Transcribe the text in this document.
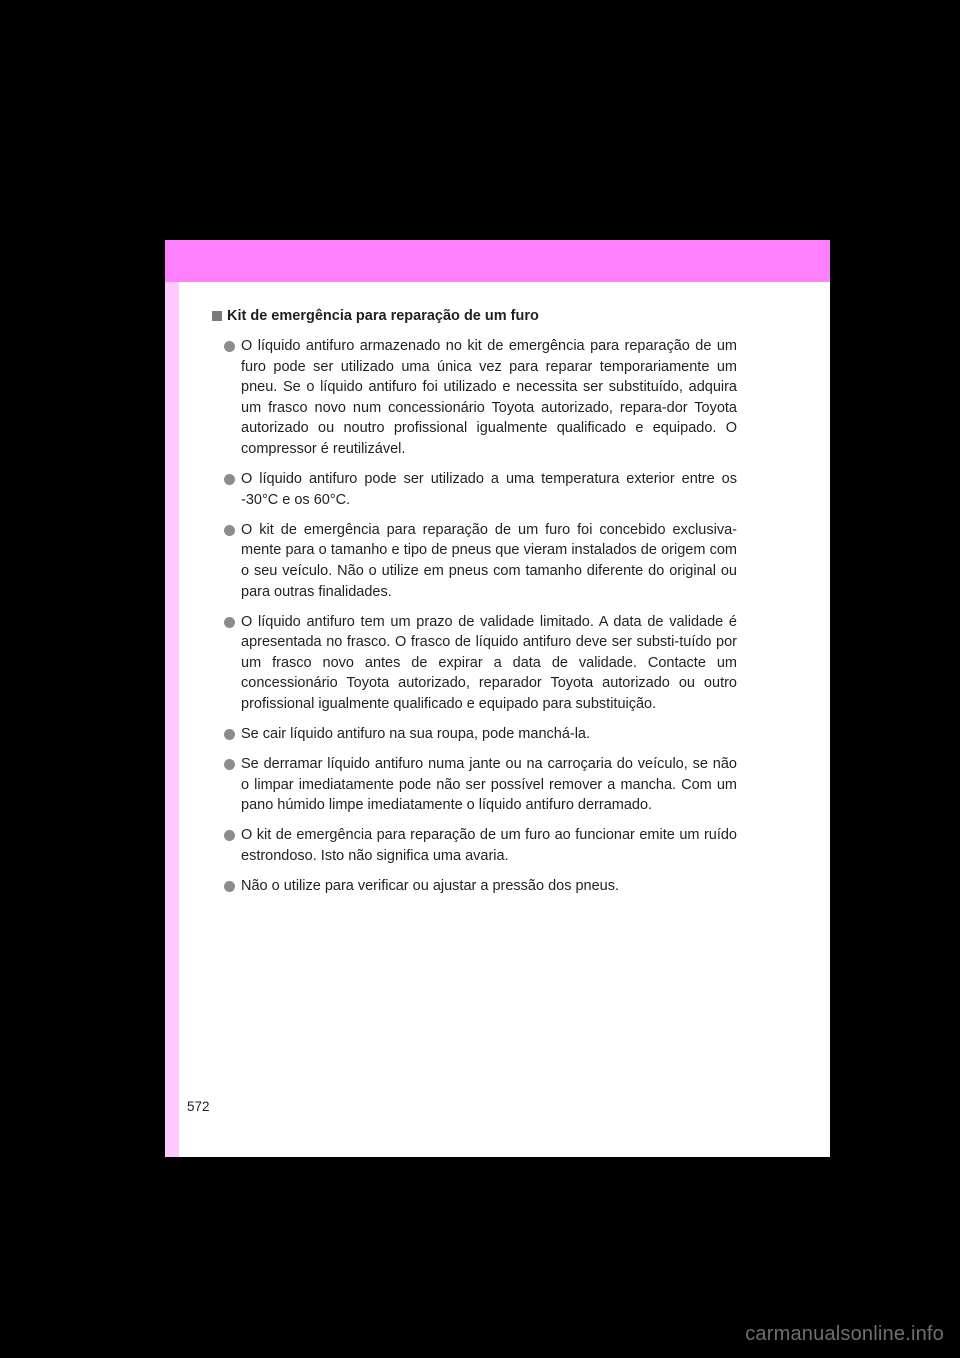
Kit de emergência para reparação de um furo
O líquido antifuro armazenado no kit de emergência para reparação de um furo pode ser utilizado uma única vez para reparar temporariamente um pneu. Se o líquido antifuro foi utilizado e necessita ser substituído, adquira um frasco novo num concessionário Toyota autorizado, repara-dor Toyota autorizado ou noutro profissional igualmente qualificado e equipado. O compressor é reutilizável.
O líquido antifuro pode ser utilizado a uma temperatura exterior entre os -30°C e os 60°C.
O kit de emergência para reparação de um furo foi concebido exclusiva-mente para o tamanho e tipo de pneus que vieram instalados de origem com o seu veículo. Não o utilize em pneus com tamanho diferente do original ou para outras finalidades.
O líquido antifuro tem um prazo de validade limitado. A data de validade é apresentada no frasco. O frasco de líquido antifuro deve ser substi-tuído por um frasco novo antes de expirar a data de validade. Contacte um concessionário Toyota autorizado, reparador Toyota autorizado ou outro profissional igualmente qualificado e equipado para substituição.
Se cair líquido antifuro na sua roupa, pode manchá-la.
Se derramar líquido antifuro numa jante ou na carroçaria do veículo, se não o limpar imediatamente pode não ser possível remover a mancha. Com um pano húmido limpe imediatamente o líquido antifuro derramado.
O kit de emergência para reparação de um furo ao funcionar emite um ruído estrondoso. Isto não significa uma avaria.
Não o utilize para verificar ou ajustar a pressão dos pneus.
572
carmanualsonline.info
